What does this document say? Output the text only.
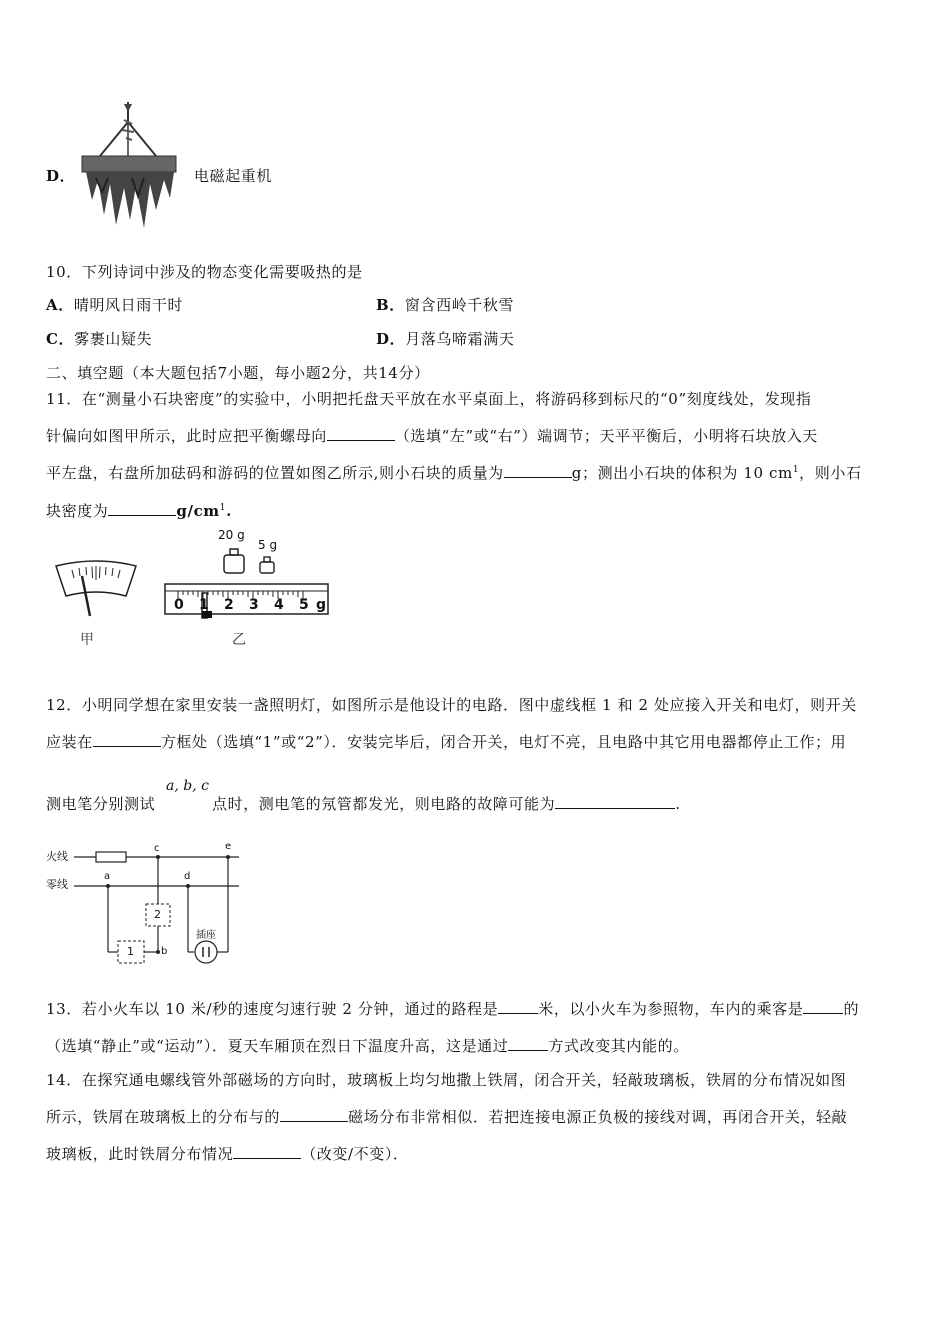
D．	电磁起重机
10．下列诗词中涉及的物态变化需要吸热的是
A．晴明风日雨干时	B．窗含西岭千秋雪
C．雾裹山疑失	D．月落乌啼霜满天
二、填空题（本大题包括7小题，每小题2分，共14分）
11．在“测量小石块密度”的实验中，小明把托盘天平放在水平桌面上，将游码移到标尺的“0”刻度线处，发现指
针偏向如图甲所示，此时应把平衡螺母向	（选填“左”或“右”）端调节；天平平衡后，小明将石块放入天
平左盘，右盘所加砝码和游码的位置如图乙所示,则小石块的质量为	g；测出小石块的体积为 10 $cm^1$，则小石
块密度为	$g/cm^1$.
甲
20 g
5 g
0 1 2 3 4 5 g
乙
12．小明同学想在家里安装一盏照明灯，如图所示是他设计的电路．图中虚线框 1 和 2 处应接入开关和电灯，则开关
应装在	方框处（选填“1”或“2”）．安装完毕后，闭合开关，电灯不亮，且电路中其它用电器都停止工作；用
测电笔分别测试
a, b, c
点时，测电笔的氖管都发光，则电路的故障可能为	.
火线
零线
a
b
c
d
e
2
1
插座
13．若小火车以 10 米/秒的速度匀速行驶 2 分钟，通过的路程是	米，以小火车为参照物，车内的乘客是	的
（选填“静止”或“运动”）．夏天车厢顶在烈日下温度升高，这是通过	方式改变其内能的。
14．在探究通电螺线管外部磁场的方向时，玻璃板上均匀地撒上铁屑，闭合开关，轻敲玻璃板，铁屑的分布情况如图
所示，铁屑在玻璃板上的分布与的	磁场分布非常相似．若把连接电源正负极的接线对调，再闭合开关，轻敲
玻璃板，此时铁屑分布情况	（改变/不变）．
